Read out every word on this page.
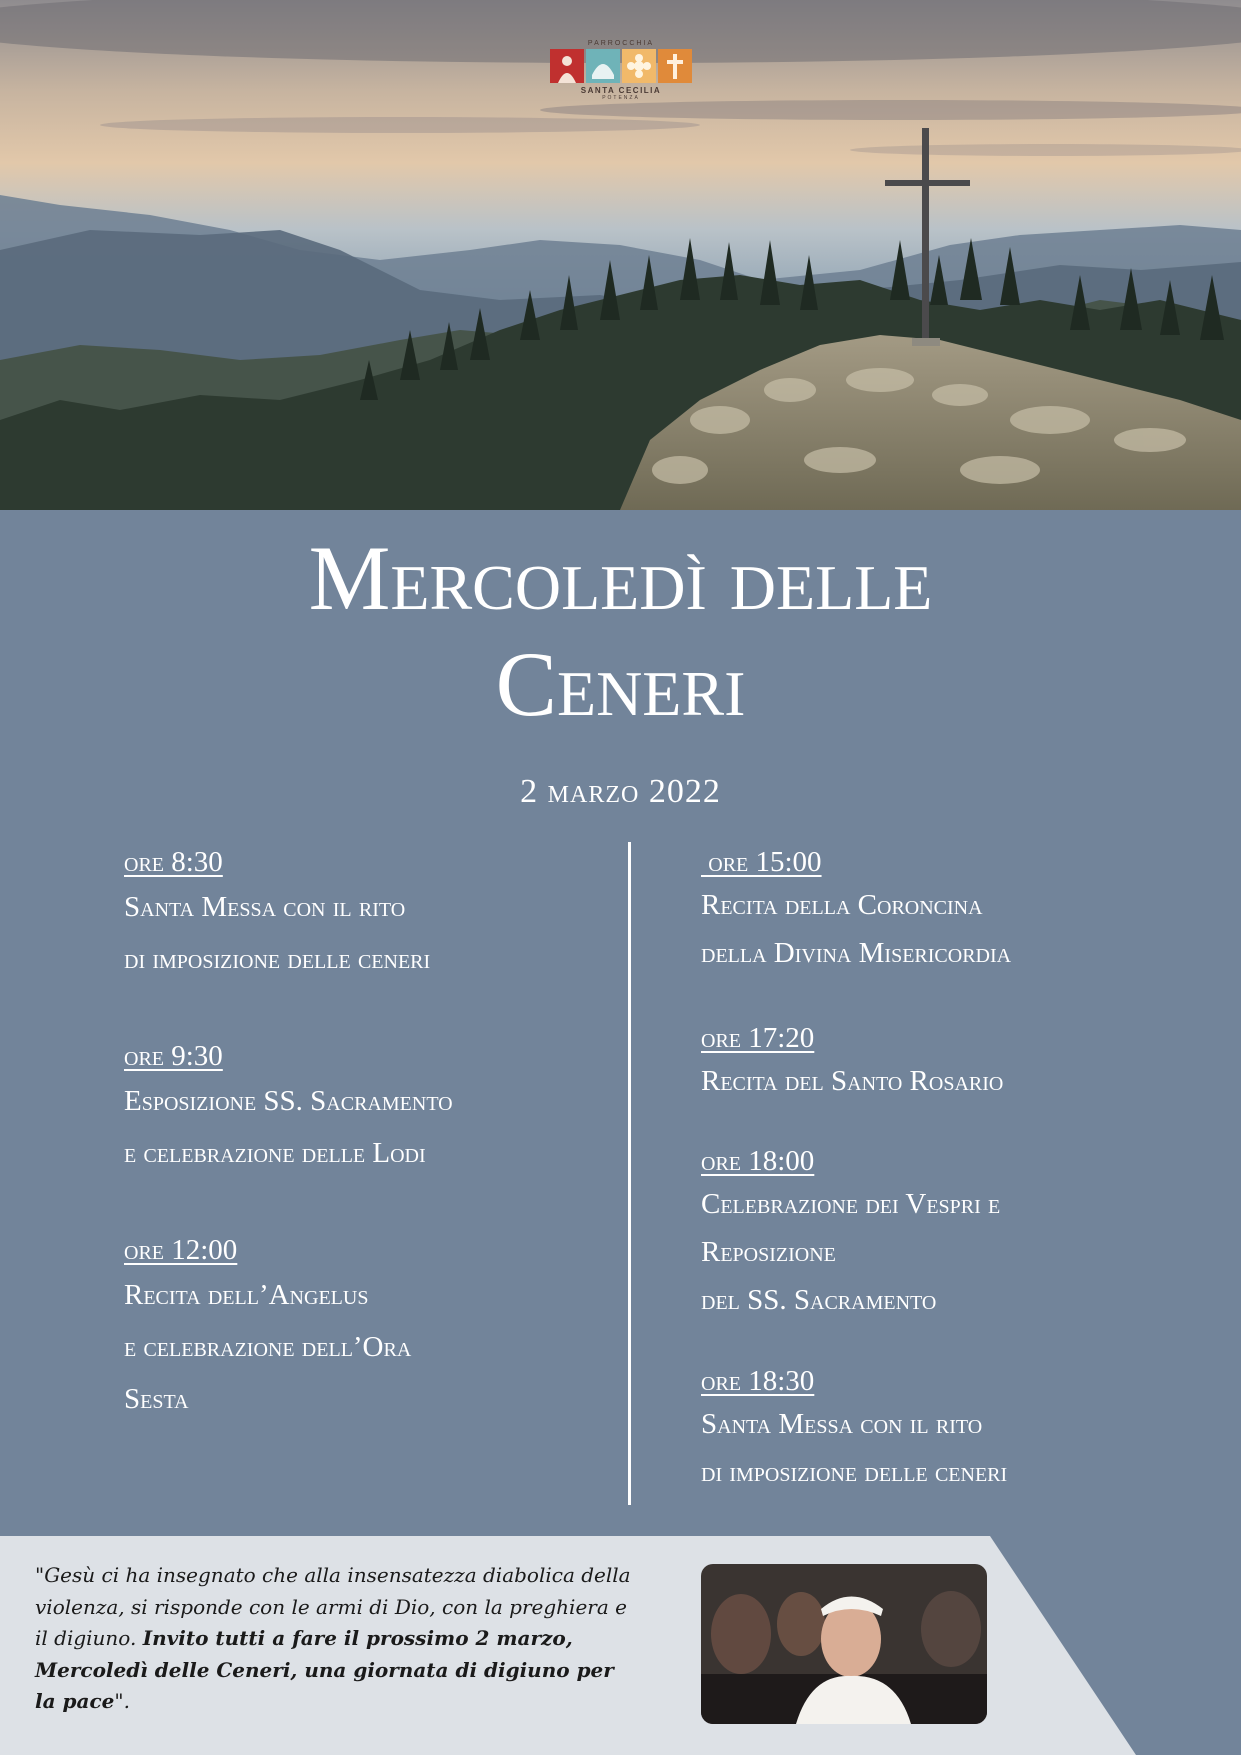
PARROCCHIA
SANTA CECILIA
POTENZA
Mercoledì delle
Ceneri
2 marzo 2022
ore 8:30
Santa Messa con il rito
di imposizione delle ceneri
ore 9:30
Esposizione SS. Sacramento
e celebrazione delle Lodi
ore 12:00
Recita dell’Angelus
e celebrazione dell’Ora
Sesta
ore 15:00
Recita della Coroncina
della Divina Misericordia
ore 17:20
Recita del Santo Rosario
ore 18:00
Celebrazione dei Vespri e
Reposizione
del SS. Sacramento
ore 18:30
Santa Messa con il rito
di imposizione delle ceneri

"Gesù ci ha insegnato che alla insensatezza diabolica della violenza, si risponde con le armi di Dio, con la preghiera e il digiuno. Invito tutti a fare il prossimo 2 marzo, Mercoledì delle Ceneri, una giornata di digiuno per la pace".
